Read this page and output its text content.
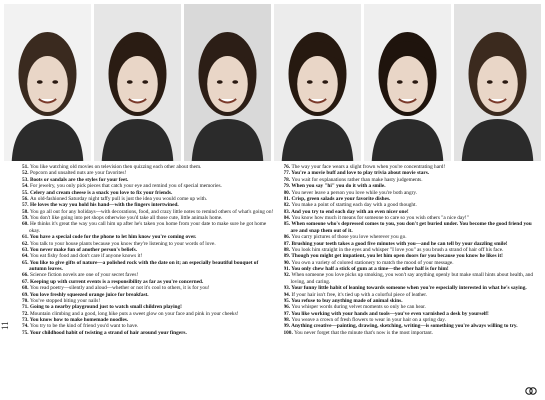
11

51. You like watching old movies on television then quizzing each other about them.

52. Popcorn and unsalted nuts are your favorites!

53. Boots or sandals are the styles for your feet.

54. For jewelry, you only pick pieces that catch your eye and remind you of special memories.

55. Celery and cream cheese is a snack you love to fix your friends.

56. An old-fashioned Saturday night taffy pull is just the idea you would come up with.

57. He loves the way you hold his hand—with the fingers intertwined.

58. You go all out for any holidays—with decorations, food, and crazy little notes to remind others of what's going on!

59. You don't like going into pet shops otherwise you'd take all those cute, little animals home.

60. He thinks it's great the way you call him up after he's taken you home from your date to make sure he got home okay.

61. You have a special code for the phone to let him know you're coming over.

62. You talk to your house plants because you know they're listening to your words of love.

63. You never make fun of another person's beliefs.

64. You eat fishy food and don't care if anyone knows it!

65. You like to give gifts of nature—a polished rock with the date on it; an especially beautiful bouquet of autumn leaves.

66. Science fiction novels are one of your secret faves!

67. Keeping up with current events is a responsibility as far as you're concerned.

68. You read poetry—silently and aloud—whether or not it's cool to others, it is for you!

69. You love freshly squeezed orange juice for breakfast.

70. You've stopped biting your nails!

71. Going to a nearby playground just to watch small children playing!

72. Mountain climbing and a good, long hike puts a sweet glow on your face and pink in your cheeks!

73. You know how to make homemade noodles.

74. You try to be the kind of friend you'd want to have.

75. Your childhood habit of twisting a strand of hair around your fingers.

76. The way your face wears a slight frown when you're concentrating hard!

77. You're a movie buff and love to play trivia about movie stars.

78. You wait for explanations rather than make hasty judgements.

79. When you say "hi" you do it with a smile.

80. You never leave a person you love while you're both angry.

81. Crisp, green salads are your favorite dishes.

82. You make a point of starting each day with a good thought.

83. And you try to end each day with an even nicer one!

84. You know how much it means for someone to care so you wish others "a nice day!"

85. When someone who's depressed comes to you, you don't get buried under. You become the good friend you are and snap them out of it.

86. You carry pictures of those you love wherever you go.

87. Brushing your teeth takes a good five minutes with you—and he can tell by your dazzling smile!

88. You look him straight in the eyes and whisper "I love you" as you brush a strand of hair off his face.

89. Though you might get impatient, you let him open doors for you because you know he likes it!

90. You own a variety of colored stationery to match the mood of your message.

91. You only chew half a stick of gum at a time—the other half is for him!

92. When someone you love picks up smoking, you won't say anything openly but make small hints about health, and loving, and caring.

93. Your funny little habit of leaning towards someone when you're especially interested in what he's saying.

94. If your hair isn't free, it's tied up with a colorful piece of leather.

95. You refuse to buy anything made of animal skins.

96. You whisper words during velvet moments so only he can hear.

97. You like working with your hands and tools—you've even varnished a desk by yourself!

98. You weave a crown of fresh flowers to wear in your hair on a spring day.

99. Anything creative—painting, drawing, sketching, writing—is something you're always willing to try.

100. You never forget that the minute that's now is the most important.
